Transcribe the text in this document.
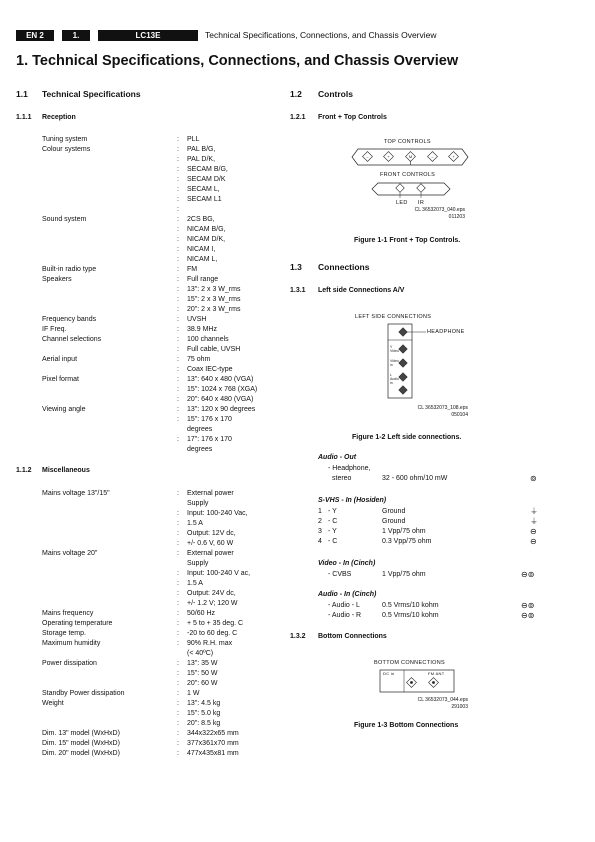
EN 2	1.	LC13E	Technical Specifications, Connections, and Chassis Overview
1. Technical Specifications, Connections, and Chassis Overview
1.1 Technical Specifications
1.1.1 Reception
Tuning system	: PLL
Colour systems	: PAL B/G,
: PAL D/K,
: SECAM B/G,
: SECAM D/K
: SECAM L,
: SECAM L1
:
Sound system	: 2CS BG,
: NICAM B/G,
: NICAM D/K,
: NICAM I,
: NICAM L,
Built-in radio type	: FM
Speakers	: Full range
: 13": 2 x 3 W_rms
: 15": 2 x 3 W_rms
: 20": 2 x 3 W_rms
Frequency bands	: UVSH
IF Freq.	: 38.9 MHz
Channel selections	: 100 channels
: Full cable, UVSH
Aerial input	: 75 ohm
: Coax IEC-type
Pixel format	: 13": 640 x 480 (VGA)
: 15": 1024 x 768 (XGA)
: 20": 640 x 480 (VGA)
Viewing angle	: 13": 120 x 90 degrees
: 15": 176 x 170
degrees
: 17": 176 x 170
degrees
1.1.2 Miscellaneous
Mains voltage 13"/15"	: External power
Supply
: Input: 100-240 Vac,
: 1.5 A
: Output: 12V dc,
: +/- 0.6 V, 60 W
Mains voltage 20"	: External power
Supply
: Input: 100-240 V ac,
: 1.5 A
: Output: 24V dc,
: +/- 1.2 V; 120 W
Mains frequency	: 50/60 Hz
Operating temperature	: + 5 to + 35 deg. C
Storage temp.	: -20 to 60 deg. C
Maximum humidity	: 90% R.H. max
(< 40ºC)
Power dissipation	: 13": 35 W
: 15": 50 W
: 20": 60 W
Standby Power dissipation	: 1 W
Weight	: 13": 4.5 kg
: 15": 5.0 kg
: 20": 8.5 kg
Dim. 13" model (WxHxD)	: 344x322x65 mm
Dim. 15" model (WxHxD)	: 377x361x70 mm
Dim. 20" model (WxHxD)	: 477x435x81 mm
1.2 Controls
1.2.1 Front + Top Controls
TOP CONTROLS
–	+	M	–	+
FRONT CONTROLS
LED IR
CL 36532073_040.eps
011203
Figure 1-1 Front + Top Controls.
1.3 Connections
1.3.1 Left side Connections A/V
LEFT SIDE CONNECTIONS
Y
Video
Video
in
L
Audio
in
HEADPHONE
CL 36532073_108.eps
050104
Figure 1-2 Left side connections.
Audio - Out
- Headphone,
stereo	32 - 600 ohm/10 mW	⊚
S-VHS - In (Hosiden)
1 - Y	Ground	⏚
2 - C	Ground	⏚
3 - Y	1 Vpp/75 ohm	⊖
4 - C	0.3 Vpp/75 ohm	⊖
Video - In (Cinch)
- CVBS	1 Vpp/75 ohm	⊖⊚
Audio - In (Cinch)
- Audio - L	0.5 Vrms/10 kohm	⊖⊚
- Audio - R	0.5 Vrms/10 kohm	⊖⊚
1.3.2 Bottom Connections
BOTTOM CONNECTIONS
DC in	FM ANT
CL 36532073_044.eps
291003
Figure 1-3 Bottom Connections
